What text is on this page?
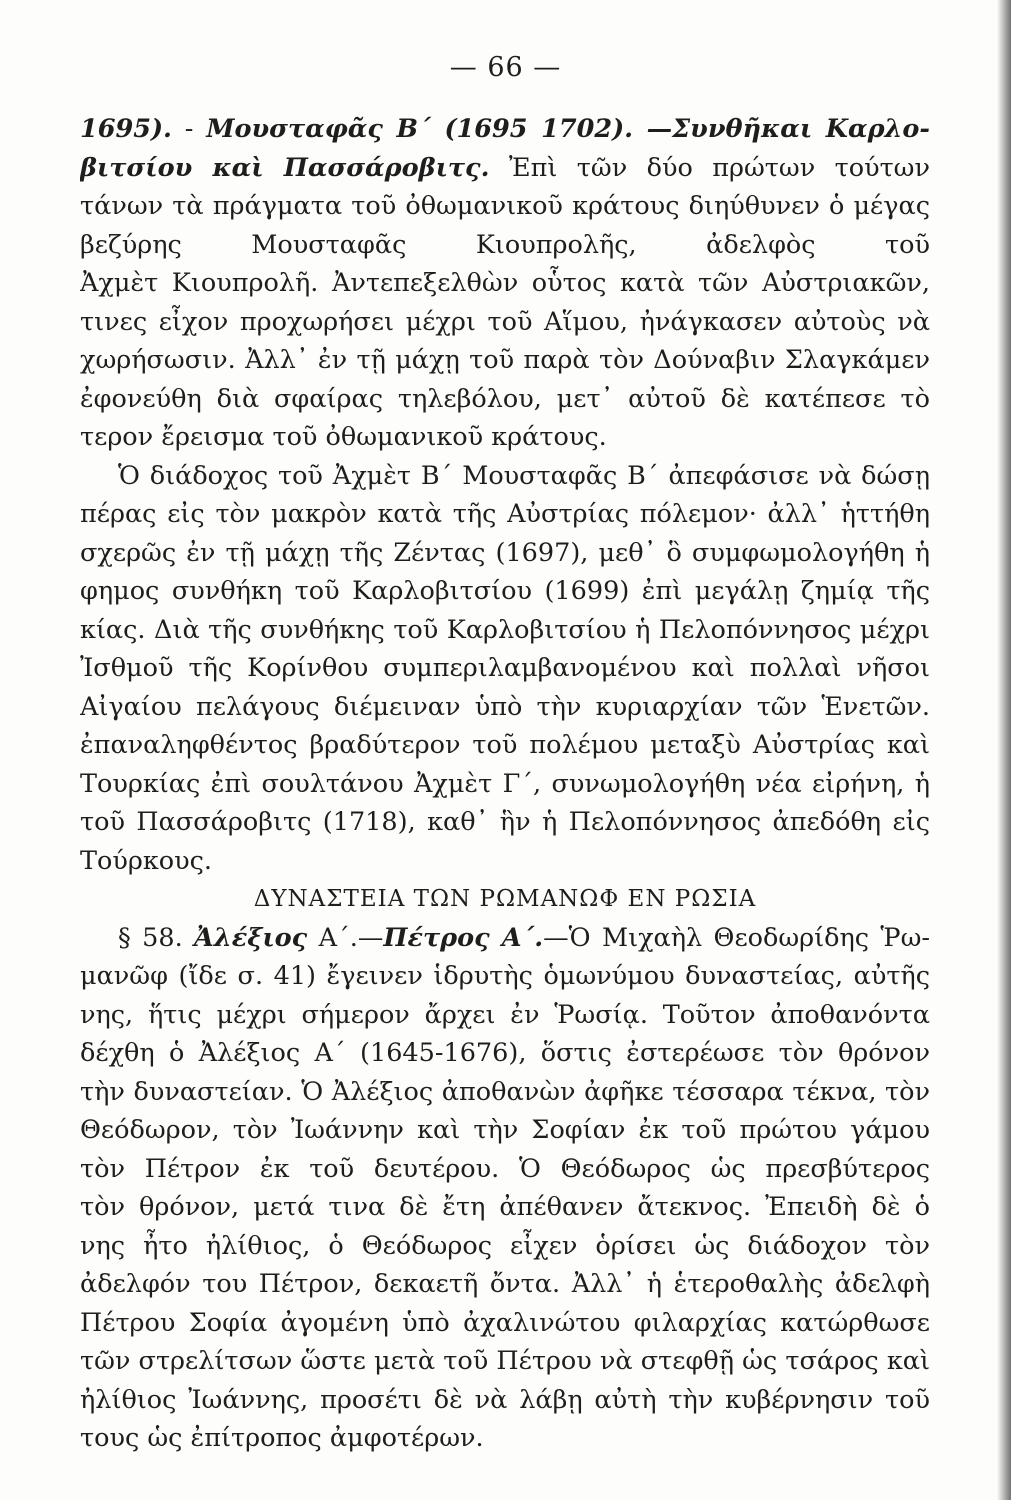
— 66 —
1695). - Μουσταφᾶς Β΄ (1695 1702). —Συνθῆκαι Καρλο-
βιτσίου καὶ Πασσάροβιτς. Ἐπὶ τῶν δύο πρώτων τούτων
τάνων τὰ πράγματα τοῦ ὀθωμανικοῦ κράτους διηύθυνεν ὁ μέγας
βεζύρης Μουσταφᾶς Κιουπρολῆς, ἀδελφὸς τοῦ
Ἀχμὲτ Κιουπρολῆ. Ἀντεπεξελθὼν οὗτος κατὰ τῶν Αὐστριακῶν,
τινες εἶχον προχωρήσει μέχρι τοῦ Αἵμου, ἠνάγκασεν αὐτοὺς νὰ
χωρήσωσιν. Ἀλλ᾽ ἐν τῇ μάχῃ τοῦ παρὰ τὸν Δούναβιν Σλαγκάμεν
ἐφονεύθη διὰ σφαίρας τηλεβόλου, μετ᾽ αὐτοῦ δὲ κατέπεσε τὸ
τερον ἔρεισμα τοῦ ὀθωμανικοῦ κράτους.
Ὁ διάδοχος τοῦ Ἀχμὲτ Β΄ Μουσταφᾶς Β΄ ἀπεφάσισε νὰ δώσῃ
πέρας εἰς τὸν μακρὸν κατὰ τῆς Αὐστρίας πόλεμον· ἀλλ᾽ ἡττήθη
σχερῶς ἐν τῇ μάχῃ τῆς Ζέντας (1697), μεθ᾽ ὃ συμφωμολογήθη ἡ
φημος συνθήκη τοῦ Καρλοβιτσίου (1699) ἐπὶ μεγάλῃ ζημίᾳ τῆς
κίας. Διὰ τῆς συνθήκης τοῦ Καρλοβιτσίου ἡ Πελοπόννησος μέχρι
Ἰσθμοῦ τῆς Κορίνθου συμπεριλαμβανομένου καὶ πολλαὶ νῆσοι
Αἰγαίου πελάγους διέμειναν ὑπὸ τὴν κυριαρχίαν τῶν Ἑνετῶν.
ἐπαναληφθέντος βραδύτερον τοῦ πολέμου μεταξὺ Αὐστρίας καὶ
Τουρκίας ἐπὶ σουλτάνου Ἀχμὲτ Γ΄, συνωμολογήθη νέα εἰρήνη, ἡ
τοῦ Πασσάροβιτς (1718), καθ᾽ ἣν ἡ Πελοπόννησος ἀπεδόθη εἰς
Τούρκους.
ΔΥΝΑΣΤΕΙΑ ΤΩΝ ΡΩΜΑΝΩΦ ΕΝ ΡΩΣΙΑ
§ 58. Ἀλέξιος Α΄.—Πέτρος Α΄.—Ὁ Μιχαὴλ Θεοδωρίδης Ῥω-
μανῶφ (ἴδε σ. 41) ἔγεινεν ἱδρυτὴς ὁμωνύμου δυναστείας, αὐτῆς
νης, ἥτις μέχρι σήμερον ἄρχει ἐν Ῥωσίᾳ. Τοῦτον ἀποθανόντα
δέχθη ὁ Ἀλέξιος Α΄ (1645-1676), ὅστις ἐστερέωσε τὸν θρόνον
τὴν δυναστείαν. Ὁ Ἀλέξιος ἀποθανὼν ἀφῆκε τέσσαρα τέκνα, τὸν
Θεόδωρον, τὸν Ἰωάννην καὶ τὴν Σοφίαν ἐκ τοῦ πρώτου γάμου
τὸν Πέτρον ἐκ τοῦ δευτέρου. Ὁ Θεόδωρος ὡς πρεσβύτερος
τὸν θρόνον, μετά τινα δὲ ἔτη ἀπέθανεν ἄτεκνος. Ἐπειδὴ δὲ ὁ
νης ἦτο ἠλίθιος, ὁ Θεόδωρος εἶχεν ὁρίσει ὡς διάδοχον τὸν
ἀδελφόν του Πέτρον, δεκαετῆ ὄντα. Ἀλλ᾽ ἡ ἑτεροθαλὴς ἀδελφὴ
Πέτρου Σοφία ἀγομένη ὑπὸ ἀχαλινώτου φιλαρχίας κατώρθωσε
τῶν στρελίτσων ὥστε μετὰ τοῦ Πέτρου νὰ στεφθῇ ὡς τσάρος καὶ
ἠλίθιος Ἰωάννης, προσέτι δὲ νὰ λάβῃ αὐτὴ τὴν κυβέρνησιν τοῦ
τους ὡς ἐπίτροπος ἀμφοτέρων.
